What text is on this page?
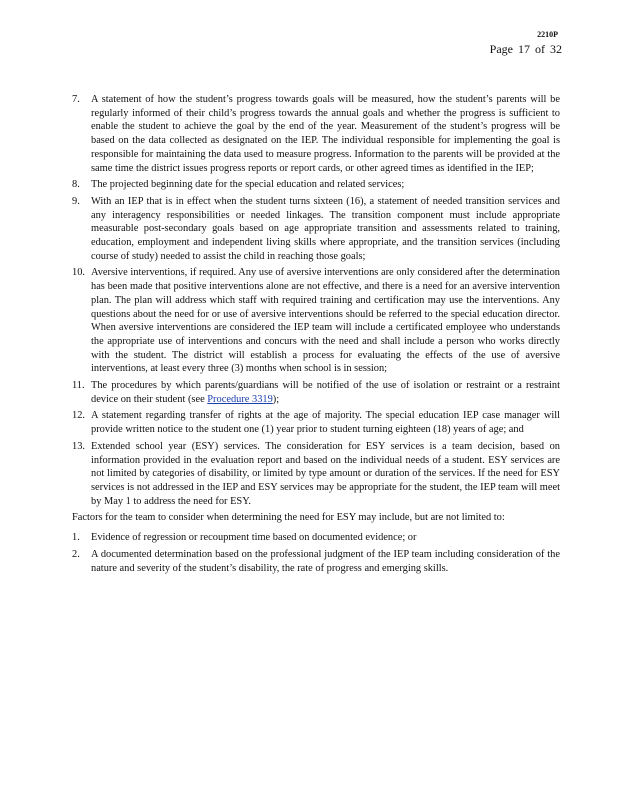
2210P
Page 17 of 32
7.	A statement of how the student’s progress towards goals will be measured, how the student’s parents will be regularly informed of their child’s progress towards the annual goals and whether the progress is sufficient to enable the student to achieve the goal by the end of the year. Measurement of the student’s progress will be based on the data collected as designated on the IEP. The individual responsible for implementing the goal is responsible for maintaining the data used to measure progress. Information to the parents will be provided at the same time the district issues progress reports or report cards, or other agreed times as identified in the IEP;
8.	The projected beginning date for the special education and related services;
9.	With an IEP that is in effect when the student turns sixteen (16), a statement of needed transition services and any interagency responsibilities or needed linkages. The transition component must include appropriate measurable post-secondary goals based on age appropriate transition and assessments related to training, education, employment and independent living skills where appropriate, and the transition services (including course of study) needed to assist the child in reaching those goals;
10. Aversive interventions, if required. Any use of aversive interventions are only considered after the determination has been made that positive interventions alone are not effective, and there is a need for an aversive intervention plan. The plan will address which staff with required training and certification may use the interventions. Any questions about the need for or use of aversive interventions should be referred to the special education director. When aversive interventions are considered the IEP team will include a certificated employee who understands the appropriate use of interventions and concurs with the need and shall include a person who works directly with the student. The district will establish a process for evaluating the effects of the use of aversive interventions, at least every three (3) months when school is in session;
11. The procedures by which parents/guardians will be notified of the use of isolation or restraint or a restraint device on their student (see Procedure 3319);
12. A statement regarding transfer of rights at the age of majority. The special education IEP case manager will provide written notice to the student one (1) year prior to student turning eighteen (18) years of age; and
13. Extended school year (ESY) services. The consideration for ESY services is a team decision, based on information provided in the evaluation report and based on the individual needs of a student. ESY services are not limited by categories of disability, or limited by type amount or duration of the services. If the need for ESY services is not addressed in the IEP and ESY services may be appropriate for the student, the IEP team will meet by May 1 to address the need for ESY.
Factors for the team to consider when determining the need for ESY may include, but are not limited to:
1.	Evidence of regression or recoupment time based on documented evidence; or
2.	A documented determination based on the professional judgment of the IEP team including consideration of the nature and severity of the student’s disability, the rate of progress and emerging skills.
